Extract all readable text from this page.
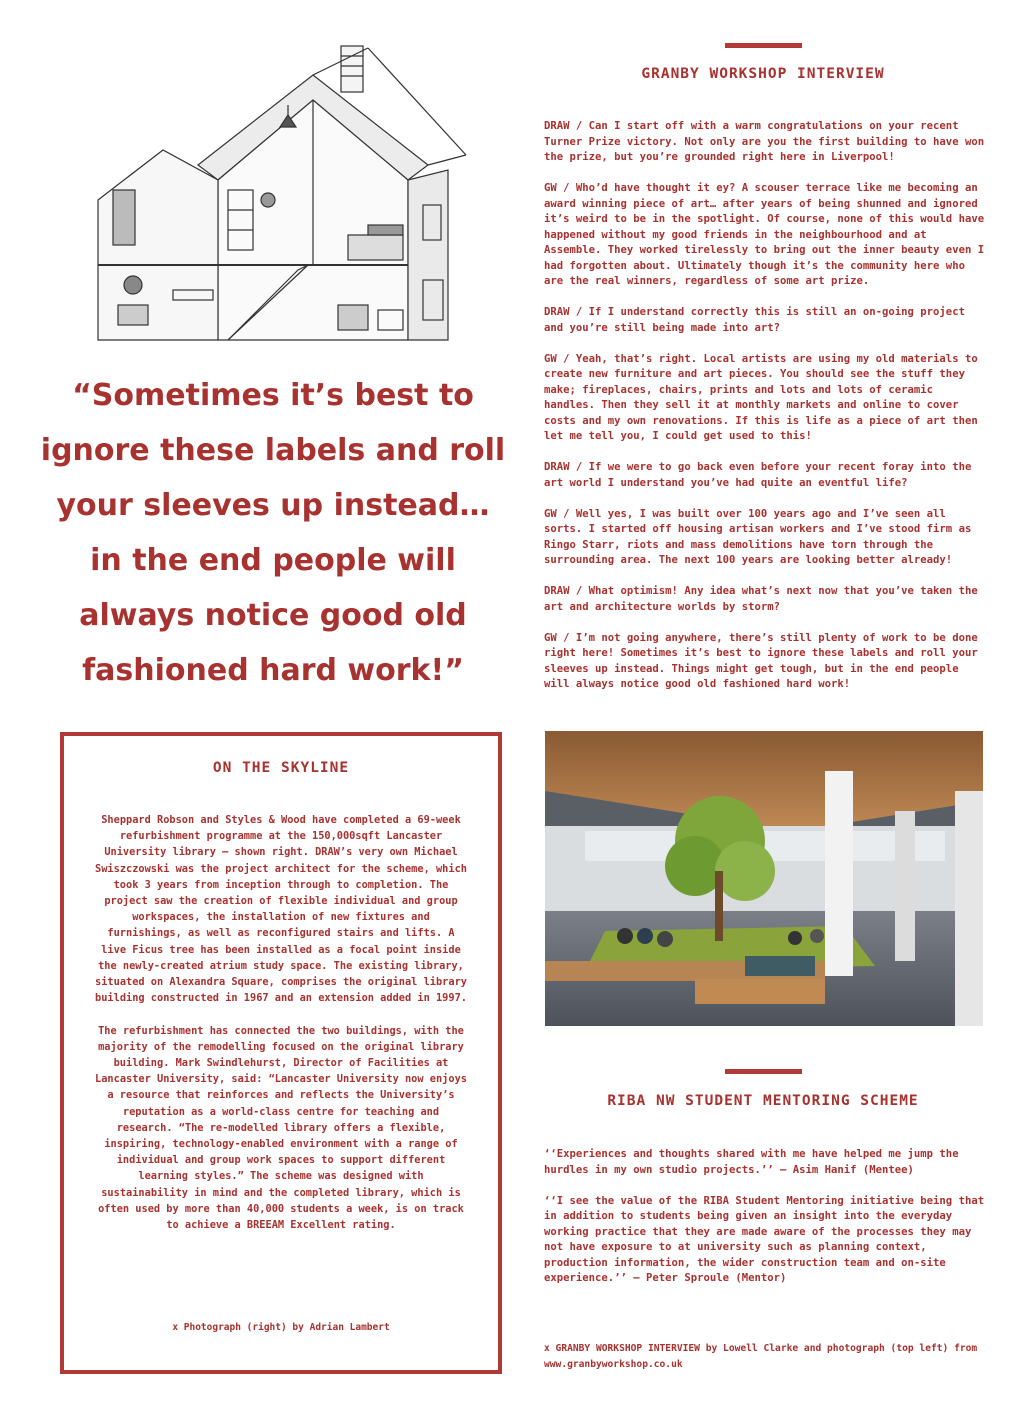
“Sometimes it’s best to ignore these labels and roll your sleeves up instead… in the end people will always notice good old fashioned hard work!”
GRANBY WORKSHOP INTERVIEW

DRAW / Can I start off with a warm congratulations on your recent Turner Prize victory. Not only are you the first building to have won the prize, but you’re grounded right here in Liverpool!

GW / Who’d have thought it ey? A scouser terrace like me becoming an award winning piece of art… after years of being shunned and ignored it’s weird to be in the spotlight. Of course, none of this would have happened without my good friends in the neighbourhood and at Assemble. They worked tirelessly to bring out the inner beauty even I had forgotten about. Ultimately though it’s the community here who are the real winners, regardless of some art prize.

DRAW / If I understand correctly this is still an on-going project and you’re still being made into art?

GW / Yeah, that’s right. Local artists are using my old materials to create new furniture and art pieces. You should see the stuff they make; fireplaces, chairs, prints and lots and lots of ceramic handles. Then they sell it at monthly markets and online to cover costs and my own renovations. If this is life as a piece of art then let me tell you, I could get used to this!

DRAW / If we were to go back even before your recent foray into the art world I understand you’ve had quite an eventful life?

GW / Well yes, I was built over 100 years ago and I’ve seen all sorts. I started off housing artisan workers and I’ve stood firm as Ringo Starr, riots and mass demolitions have torn through the surrounding area. The next 100 years are looking better already!

DRAW / What optimism! Any idea what’s next now that you’ve taken the art and architecture worlds by storm?

GW / I’m not going anywhere, there’s still plenty of work to be done right here! Sometimes it’s best to ignore these labels and roll your sleeves up instead. Things might get tough, but in the end people will always notice good old fashioned hard work!

ON THE SKYLINE

Sheppard Robson and Styles & Wood have completed a 69-week refurbishment programme at the 150,000sqft Lancaster University library – shown right. DRAW’s very own Michael Swiszczowski was the project architect for the scheme, which took 3 years from inception through to completion. The project saw the creation of flexible individual and group workspaces, the installation of new fixtures and furnishings, as well as reconfigured stairs and lifts. A live Ficus tree has been installed as a focal point inside the newly-created atrium study space. The existing library, situated on Alexandra Square, comprises the original library building constructed in 1967 and an extension added in 1997.

The refurbishment has connected the two buildings, with the majority of the remodelling focused on the original library building. Mark Swindlehurst, Director of Facilities at Lancaster University, said: “Lancaster University now enjoys a resource that reinforces and reflects the University’s reputation as a world-class centre for teaching and research. “The re-modelled library offers a flexible, inspiring, technology-enabled environment with a range of individual and group work spaces to support different learning styles.” The scheme was designed with sustainability in mind and the completed library, which is often used by more than 40,000 students a week, is on track to achieve a BREEAM Excellent rating.

x Photograph (right) by Adrian Lambert
RIBA NW STUDENT MENTORING SCHEME

‘‘Experiences and thoughts shared with me have helped me jump the hurdles in my own studio projects.’’ – Asim Hanif (Mentee)

‘‘I see the value of the RIBA Student Mentoring initiative being that in addition to students being given an insight into the everyday working practice that they are made aware of the processes they may not have exposure to at university such as planning context, production information, the wider construction team and on-site experience.’’ – Peter Sproule (Mentor)

x GRANBY WORKSHOP INTERVIEW by Lowell Clarke and photograph (top left) from www.granbyworkshop.co.uk
